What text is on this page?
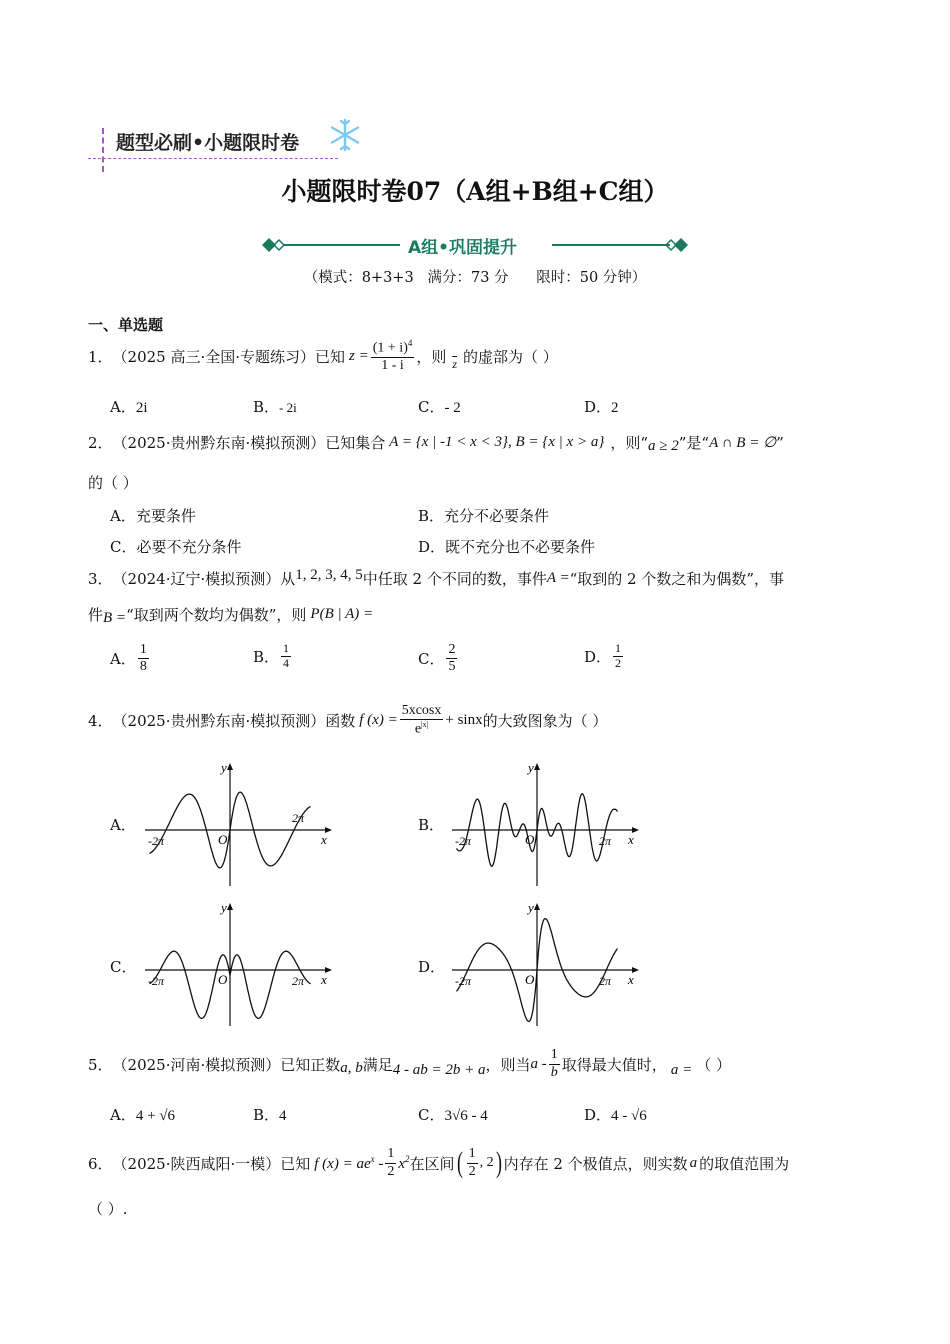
题型必刷•小题限时卷
小题限时卷07（A组+B组+C组）
A组•巩固提升
（模式：8+3+3   满分：73 分      限时：50 分钟）
一、单选题
1． （2025 高三·全国·专题练习）已知 $z = \frac{(1 + i)^4}{1 - i}$ ，则 $\overline{z}$ 的虚部为（ ）
A．2i	B．- 2i	C．- 2	D．2
2． （2025·贵州黔东南·模拟预测）已知集合 A = {x | -1 < x < 3} , B = {x | x > a} ，则“ a ≥ 2 ”是“ A ∩ B = ∅ ”
的（ ）
A．充要条件	B．充分不必要条件
C．必要不充分条件	D．既不充分也不必要条件
3． （2024·辽宁·模拟预测）从 1, 2, 3, 4, 5 中任取 2 个不同的数，事件 A = “取到的 2 个数之和为偶数”，事
件 B = “取到两个数均为偶数”，则 P(B | A) =
A． $\frac{1}{8}$	B． $\frac{1}{4}$	C． $\frac{2}{5}$	D． $\frac{1}{2}$
4． （2025·贵州黔东南·模拟预测）函数 f $(x) = \frac{5xcosx}{e^{|x|}} + \sin x$ 的大致图象为（ ）
A．	B．
C．	D．
y
x
O
-2π
2π
y
x
O
-2π	2π
y
x
O
-2π	2π
y
x
O
-2π	2π
5． （2025·河南·模拟预测）已知正数 a, b 满足 4 - ab = 2b + a ，则当 a - $\frac{1}{b}$ 取得最大值时， a = （ ）
A．4 + √6	B．4	C．3√6 - 4	D．4 - √6
6． （2025·陕西咸阳·一模）已知 f $(x) = ae^x - \frac{1}{2} x^2$ 在区间 ( $\frac{1}{2}$ , 2 ) 内存在 2 个极值点，则实数 a 的取值范围为
（ ）.
